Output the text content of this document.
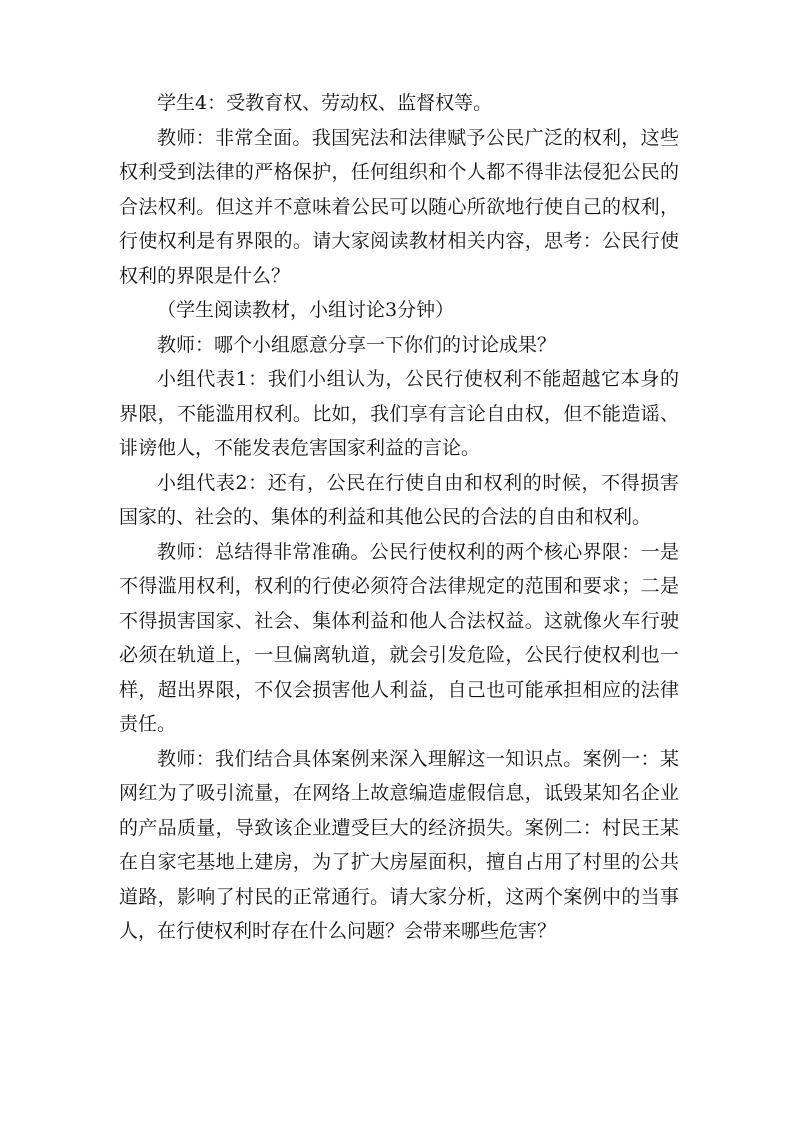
学生4：受教育权、劳动权、监督权等。

教师：非常全面。我国宪法和法律赋予公民广泛的权利，这些权利受到法律的严格保护，任何组织和个人都不得非法侵犯公民的合法权利。但这并不意味着公民可以随心所欲地行使自己的权利，行使权利是有界限的。请大家阅读教材相关内容，思考：公民行使权利的界限是什么？

（学生阅读教材，小组讨论3分钟）

教师：哪个小组愿意分享一下你们的讨论成果？

小组代表1：我们小组认为，公民行使权利不能超越它本身的界限，不能滥用权利。比如，我们享有言论自由权，但不能造谣、诽谤他人，不能发表危害国家利益的言论。

小组代表2：还有，公民在行使自由和权利的时候，不得损害国家的、社会的、集体的利益和其他公民的合法的自由和权利。

教师：总结得非常准确。公民行使权利的两个核心界限：一是不得滥用权利，权利的行使必须符合法律规定的范围和要求；二是不得损害国家、社会、集体利益和他人合法权益。这就像火车行驶必须在轨道上，一旦偏离轨道，就会引发危险，公民行使权利也一样，超出界限，不仅会损害他人利益，自己也可能承担相应的法律责任。

教师：我们结合具体案例来深入理解这一知识点。案例一：某网红为了吸引流量，在网络上故意编造虚假信息，诋毁某知名企业的产品质量，导致该企业遭受巨大的经济损失。案例二：村民王某在自家宅基地上建房，为了扩大房屋面积，擅自占用了村里的公共道路，影响了村民的正常通行。请大家分析，这两个案例中的当事人，在行使权利时存在什么问题？会带来哪些危害？
